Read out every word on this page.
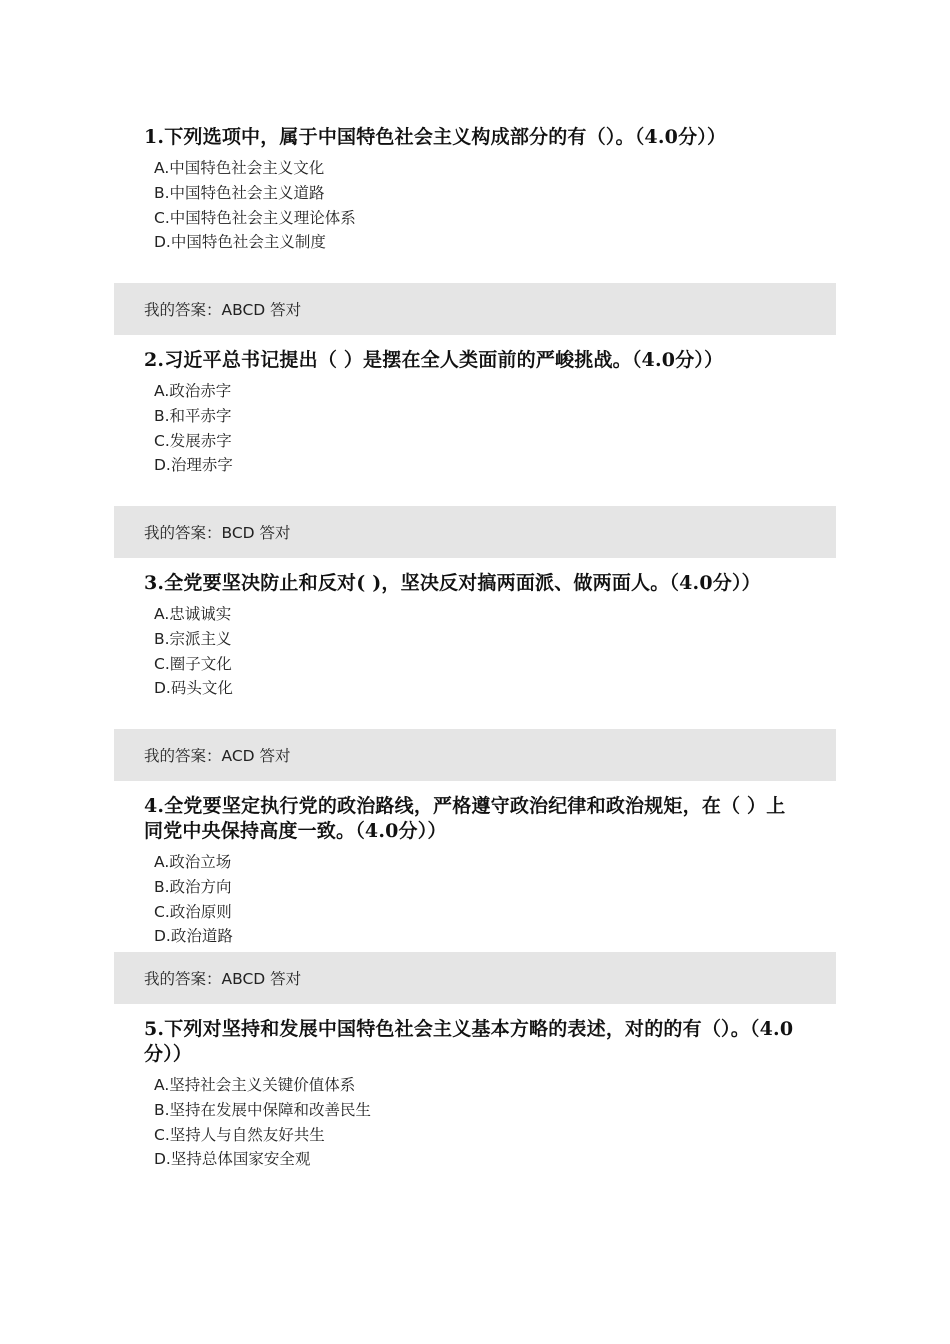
1.下列选项中，属于中国特色社会主义构成部分的有（）。（4.0分））

A.中国特色社会主义文化
B.中国特色社会主义道路
C.中国特色社会主义理论体系
D.中国特色社会主义制度
我的答案：ABCD 答对

2.习近平总书记提出（ ）是摆在全人类面前的严峻挑战。（4.0分））

A.政治赤字
B.和平赤字
C.发展赤字
D.治理赤字
我的答案：BCD 答对

3.全党要坚决防止和反对( )，坚决反对搞两面派、做两面人。（4.0分））

A.忠诚诚实
B.宗派主义
C.圈子文化
D.码头文化
我的答案：ACD 答对

4.全党要坚定执行党的政治路线，严格遵守政治纪律和政治规矩，在（ ）上同党中央保持高度一致。（4.0分））

A.政治立场
B.政治方向
C.政治原则
D.政治道路
我的答案：ABCD 答对

5.下列对坚持和发展中国特色社会主义基本方略的表述，对的的有（）。（4.0分））

A.坚持社会主义关键价值体系
B.坚持在发展中保障和改善民生
C.坚持人与自然友好共生
D.坚持总体国家安全观
